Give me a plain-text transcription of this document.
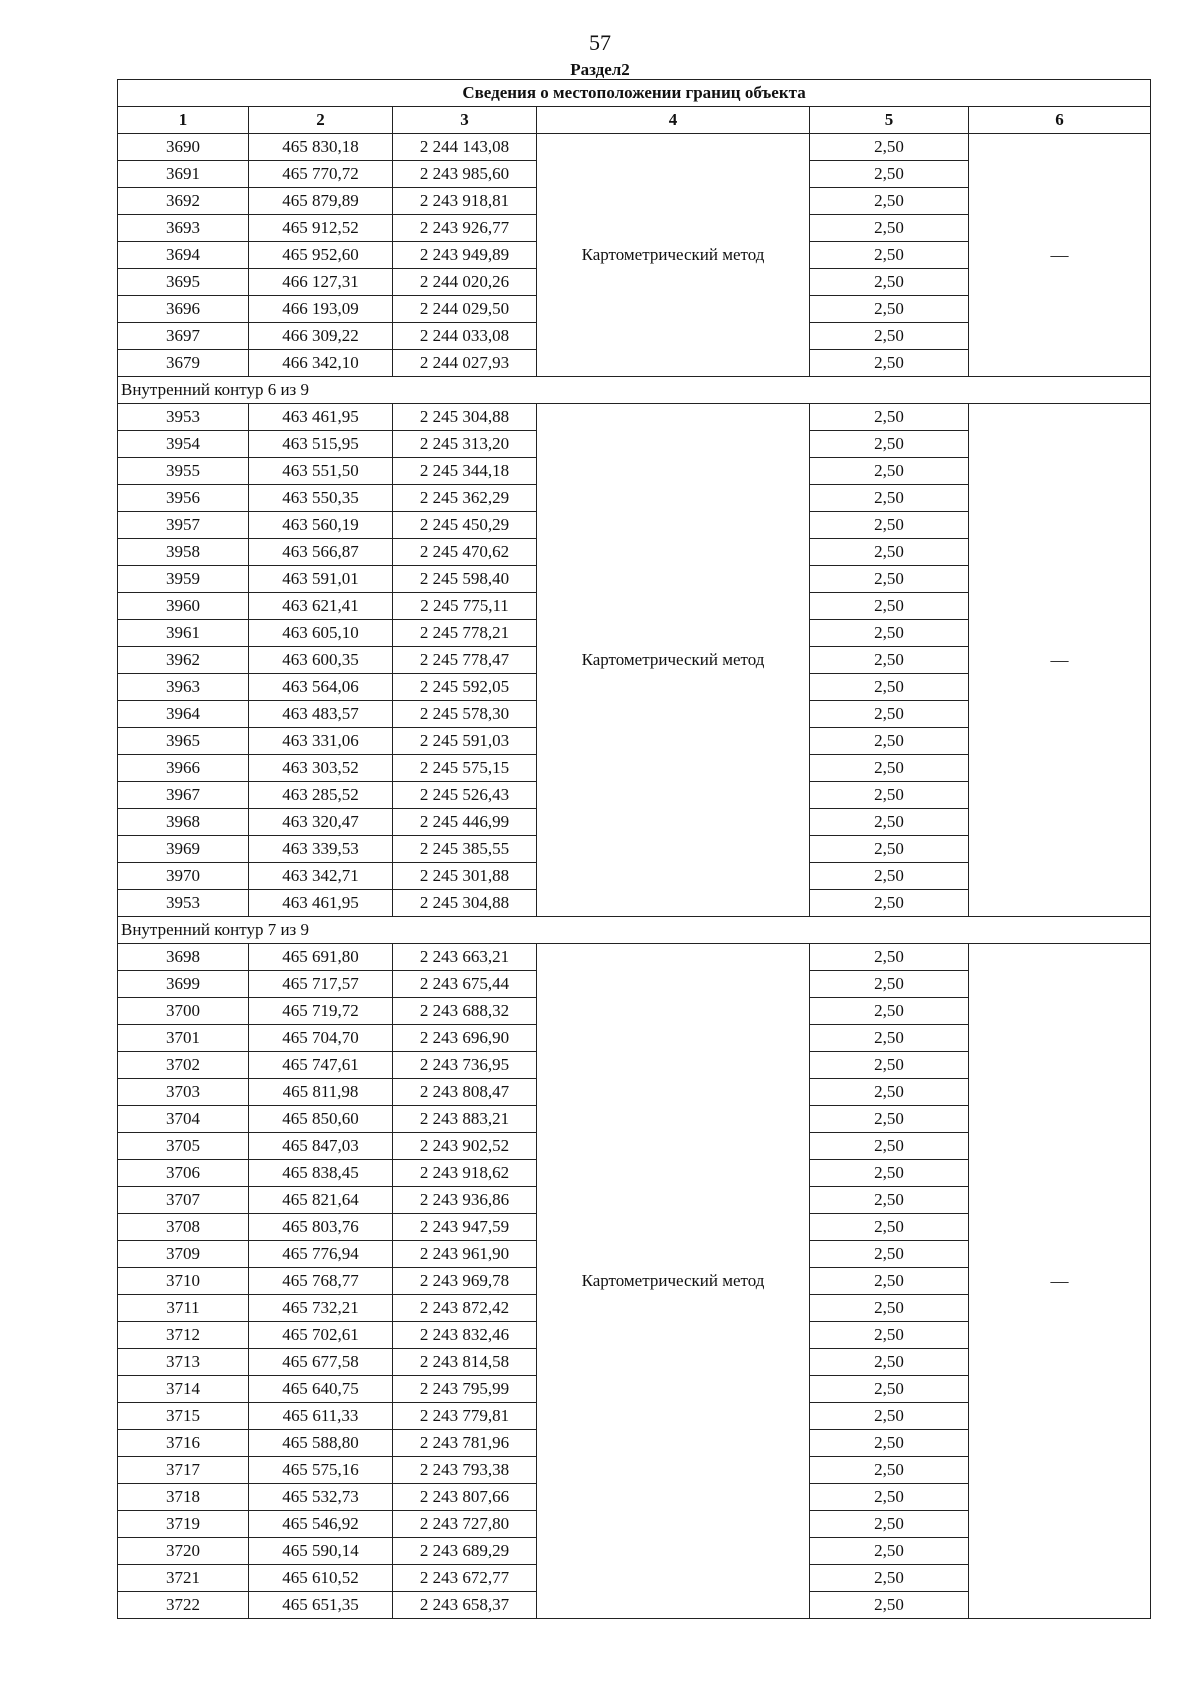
57
Раздел2
Сведения о местоположении границ объекта					
1	2	3	4	5	6
3690	465 830,18	2 244 143,08	Картометрический метод	2,50	—
3691	465 770,72	2 243 985,60		2,50	
3692	465 879,89	2 243 918,81		2,50	
3693	465 912,52	2 243 926,77		2,50	
3694	465 952,60	2 243 949,89		2,50	
3695	466 127,31	2 244 020,26		2,50	
3696	466 193,09	2 244 029,50		2,50	
3697	466 309,22	2 244 033,08		2,50	
3679	466 342,10	2 244 027,93		2,50	
Внутренний контур 6 из 9					
3953	463 461,95	2 245 304,88	Картометрический метод	2,50	—
3954	463 515,95	2 245 313,20		2,50	
3955	463 551,50	2 245 344,18		2,50	
3956	463 550,35	2 245 362,29		2,50	
3957	463 560,19	2 245 450,29		2,50	
3958	463 566,87	2 245 470,62		2,50	
3959	463 591,01	2 245 598,40		2,50	
3960	463 621,41	2 245 775,11		2,50	
3961	463 605,10	2 245 778,21		2,50	
3962	463 600,35	2 245 778,47		2,50	
3963	463 564,06	2 245 592,05		2,50	
3964	463 483,57	2 245 578,30		2,50	
3965	463 331,06	2 245 591,03		2,50	
3966	463 303,52	2 245 575,15		2,50	
3967	463 285,52	2 245 526,43		2,50	
3968	463 320,47	2 245 446,99		2,50	
3969	463 339,53	2 245 385,55		2,50	
3970	463 342,71	2 245 301,88		2,50	
3953	463 461,95	2 245 304,88		2,50	
Внутренний контур 7 из 9					
3698	465 691,80	2 243 663,21	Картометрический метод	2,50	—
3699	465 717,57	2 243 675,44		2,50	
3700	465 719,72	2 243 688,32		2,50	
3701	465 704,70	2 243 696,90		2,50	
3702	465 747,61	2 243 736,95		2,50	
3703	465 811,98	2 243 808,47		2,50	
3704	465 850,60	2 243 883,21		2,50	
3705	465 847,03	2 243 902,52		2,50	
3706	465 838,45	2 243 918,62		2,50	
3707	465 821,64	2 243 936,86		2,50	
3708	465 803,76	2 243 947,59		2,50	
3709	465 776,94	2 243 961,90		2,50	
3710	465 768,77	2 243 969,78		2,50	
3711	465 732,21	2 243 872,42		2,50	
3712	465 702,61	2 243 832,46		2,50	
3713	465 677,58	2 243 814,58		2,50	
3714	465 640,75	2 243 795,99		2,50	
3715	465 611,33	2 243 779,81		2,50	
3716	465 588,80	2 243 781,96		2,50	
3717	465 575,16	2 243 793,38		2,50	
3718	465 532,73	2 243 807,66		2,50	
3719	465 546,92	2 243 727,80		2,50	
3720	465 590,14	2 243 689,29		2,50	
3721	465 610,52	2 243 672,77		2,50	
3722	465 651,35	2 243 658,37		2,50	
